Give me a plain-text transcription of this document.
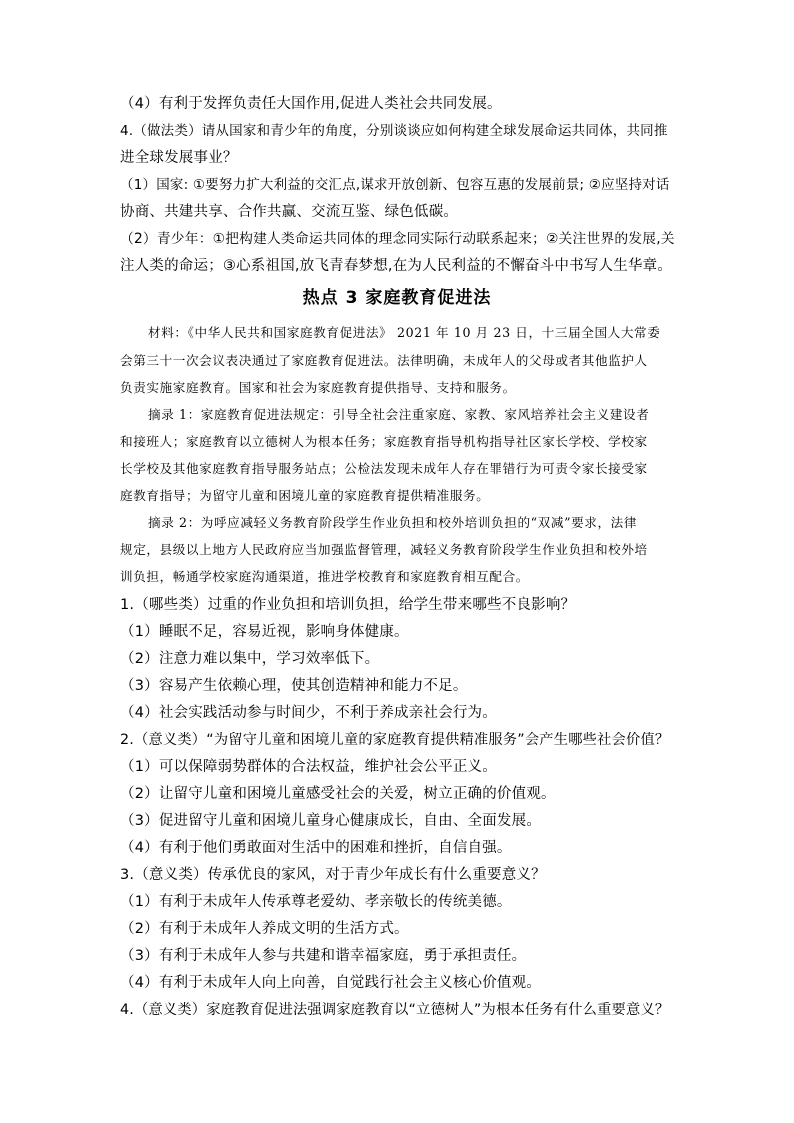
（4）有利于发挥负责任大国作用,促进人类社会共同发展。
4.（做法类）请从国家和青少年的角度，分别谈谈应如何构建全球发展命运共同体，共同推
进全球发展事业？
（1）国家: ①要努力扩大利益的交汇点,谋求开放创新、包容互惠的发展前景; ②应坚持对话
协商、共建共享、合作共赢、交流互鉴、绿色低碳。
（2）青少年：①把构建人类命运共同体的理念同实际行动联系起来；②关注世界的发展,关
注人类的命运；③心系祖国,放飞青春梦想,在为人民利益的不懈奋斗中书写人生华章。
热点 3 家庭教育促进法
材料：《中华人民共和国家庭教育促进法》 2021 年 10 月 23 日，十三届全国人大常委
会第三十一次会议表决通过了家庭教育促进法。法律明确，未成年人的父母或者其他监护人
负责实施家庭教育。国家和社会为家庭教育提供指导、支持和服务。
摘录 1：家庭教育促进法规定：引导全社会注重家庭、家教、家风培养社会主义建设者
和接班人；家庭教育以立德树人为根本任务；家庭教育指导机构指导社区家长学校、学校家
长学校及其他家庭教育指导服务站点；公检法发现未成年人存在罪错行为可责令家长接受家
庭教育指导；为留守儿童和困境儿童的家庭教育提供精准服务。
摘录 2：为呼应减轻义务教育阶段学生作业负担和校外培训负担的“双减”要求，法律
规定，县级以上地方人民政府应当加强监督管理，减轻义务教育阶段学生作业负担和校外培
训负担，畅通学校家庭沟通渠道，推进学校教育和家庭教育相互配合。
1.（哪些类）过重的作业负担和培训负担，给学生带来哪些不良影响？
（1）睡眠不足，容易近视，影响身体健康。
（2）注意力难以集中，学习效率低下。
（3）容易产生依赖心理，使其创造精神和能力不足。
（4）社会实践活动参与时间少，不利于养成亲社会行为。
2.（意义类）“为留守儿童和困境儿童的家庭教育提供精准服务”会产生哪些社会价值？
（1）可以保障弱势群体的合法权益，维护社会公平正义。
（2）让留守儿童和困境儿童感受社会的关爱，树立正确的价值观。
（3）促进留守儿童和困境儿童身心健康成长，自由、全面发展。
（4）有利于他们勇敢面对生活中的困难和挫折，自信自强。
3.（意义类）传承优良的家风，对于青少年成长有什么重要意义？
（1）有利于未成年人传承尊老爱幼、孝亲敬长的传统美德。
（2）有利于未成年人养成文明的生活方式。
（3）有利于未成年人参与共建和谐幸福家庭，勇于承担责任。
（4）有利于未成年人向上向善，自觉践行社会主义核心价值观。
4.（意义类）家庭教育促进法强调家庭教育以“立德树人”为根本任务有什么重要意义？
